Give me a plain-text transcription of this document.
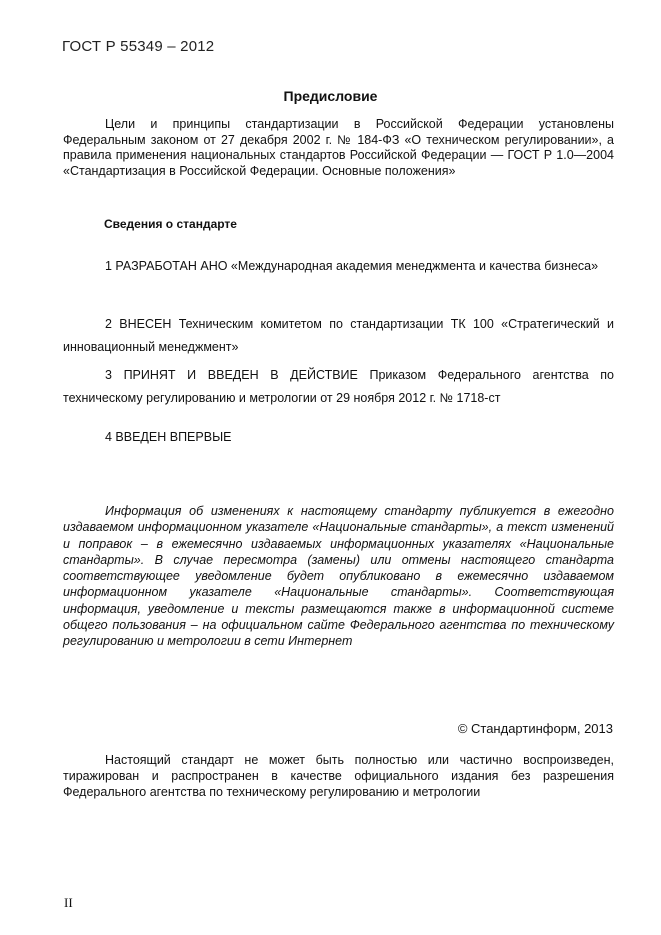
ГОСТ Р 55349 – 2012
Предисловие

Цели и принципы стандартизации в Российской Федерации установлены Федеральным законом от 27 декабря 2002 г. № 184-ФЗ «О техническом регулировании», а правила применения национальных стандартов Российской Федерации — ГОСТ Р 1.0—2004 «Стандартизация в Российской Федерации. Основные положения»

Сведения о стандарте

1 РАЗРАБОТАН АНО «Международная академия менеджмента и качества бизнеса»

2 ВНЕСЕН Техническим комитетом по стандартизации ТК 100 «Стратегический и инновационный менеджмент»

3 ПРИНЯТ И ВВЕДЕН В ДЕЙСТВИЕ Приказом Федерального агентства по техническому регулированию и метрологии от 29 ноября 2012 г. № 1718-ст

4 ВВЕДЕН ВПЕРВЫЕ

Информация об изменениях к настоящему стандарту публикуется в ежегодно издаваемом информационном указателе «Национальные стандарты», а текст изменений и поправок – в ежемесячно издаваемых информационных указателях «Национальные стандарты». В случае пересмотра (замены) или отмены настоящего стандарта соответствующее уведомление будет опубликовано в ежемесячно издаваемом информационном указателе «Национальные стандарты». Соответствующая информация, уведомление и тексты размещаются также в информационной системе общего пользования – на официальном сайте Федерального агентства по техническому регулированию и метрологии в сети Интернет

© Стандартинформ, 2013

Настоящий стандарт не может быть полностью или частично воспроизведен, тиражирован и распространен в качестве официального издания без разрешения Федерального агентства по техническому регулированию и метрологии

II
